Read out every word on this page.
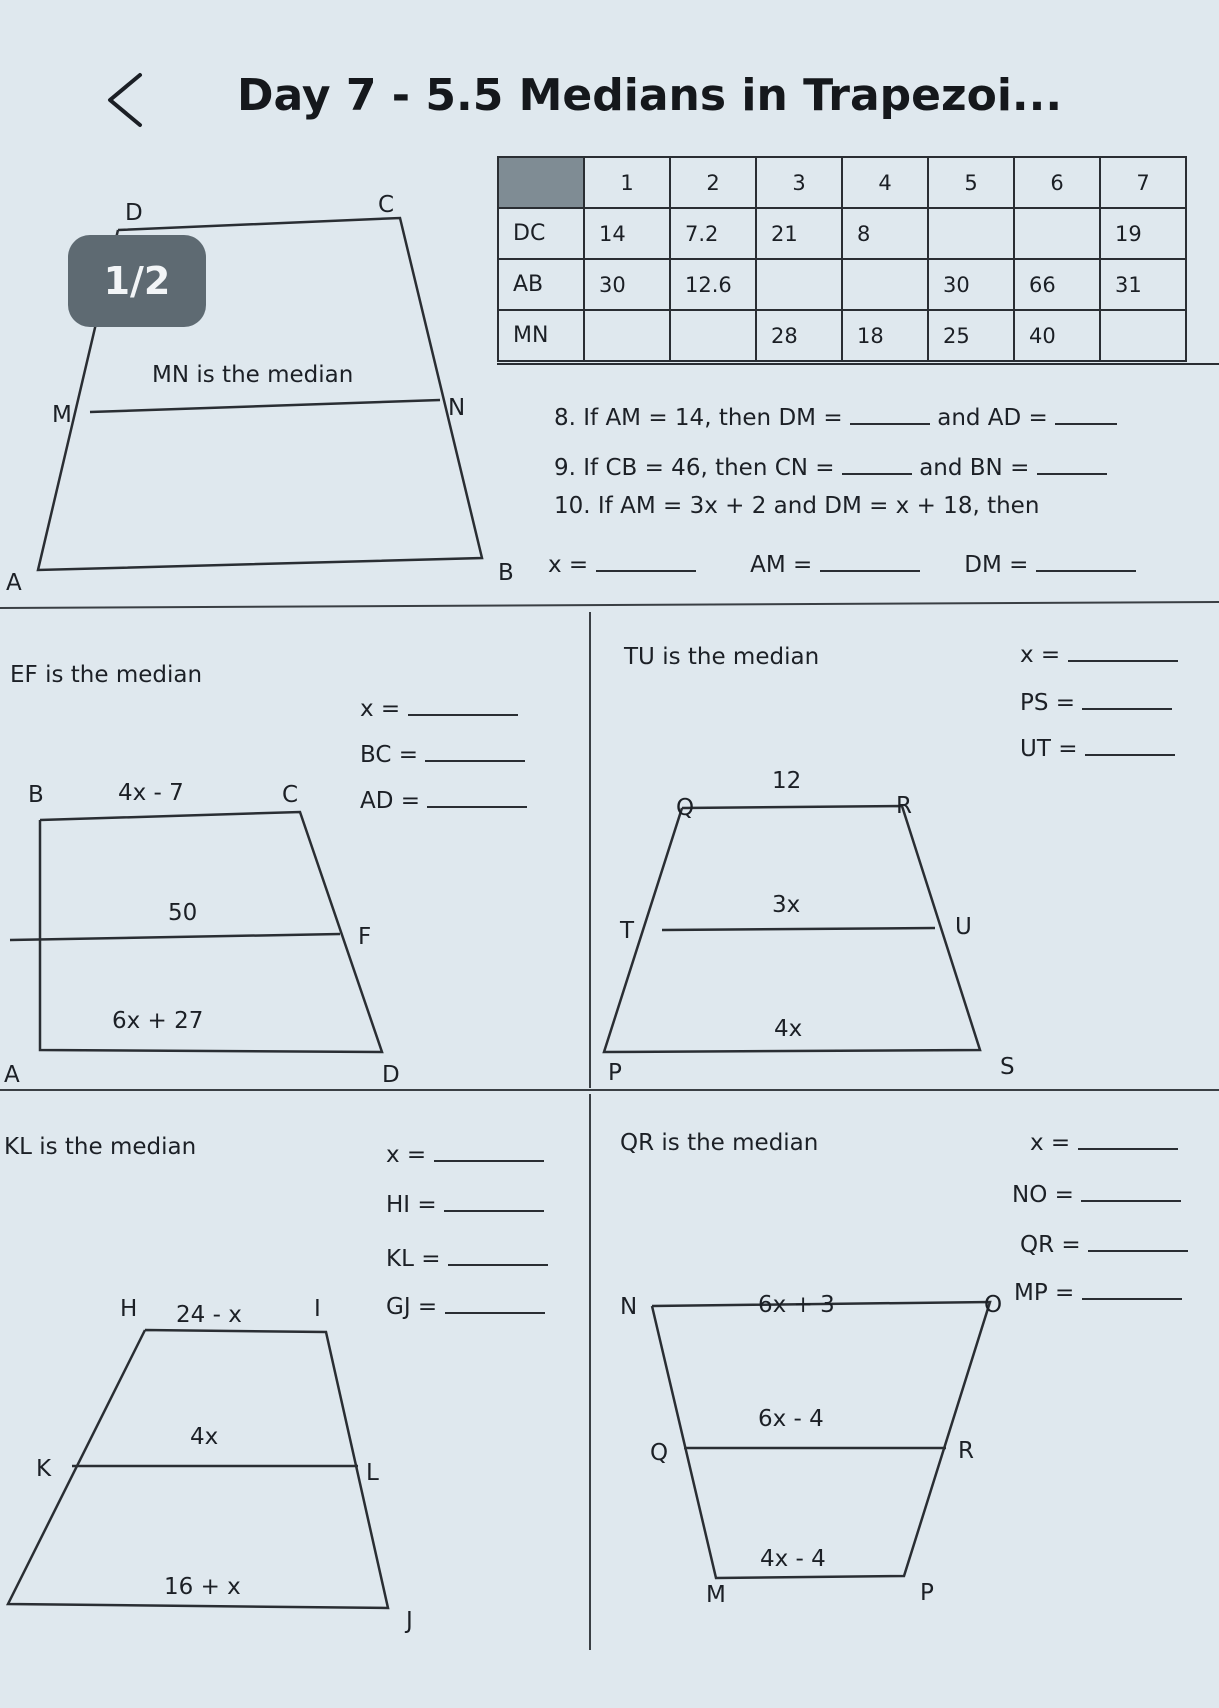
Day 7 - 5.5 Medians in Trapezoi...
1/2
D	C
M	N
A	B
MN is the median
	1	2	3	4	5	6	7
DC	14	7.2	21	8			19
AB	30	12.6			30	66	31
MN			28	18	25	40	
8. If AM = 14, then DM =	and AD =
9. If CB = 46, then CN =	and BN =
10. If AM = 3x + 2 and DM = x + 18, then
x =	AM =	DM =
EF is the median
x =
BC =
AD =
B	4x - 7	C
50
F
6x + 27
A	D
TU is the median	x =
PS =
UT =
12
Q	R
3x
T	U
4x
P	S
KL is the median	x =
HI =
KL =
GJ =
H 24 - x	I
4x
K	L
16 + x
J
QR is the median	x =
NO =
QR =
MP =
N	6x + 3	O
6x - 4
Q	R
4x - 4
M	P
